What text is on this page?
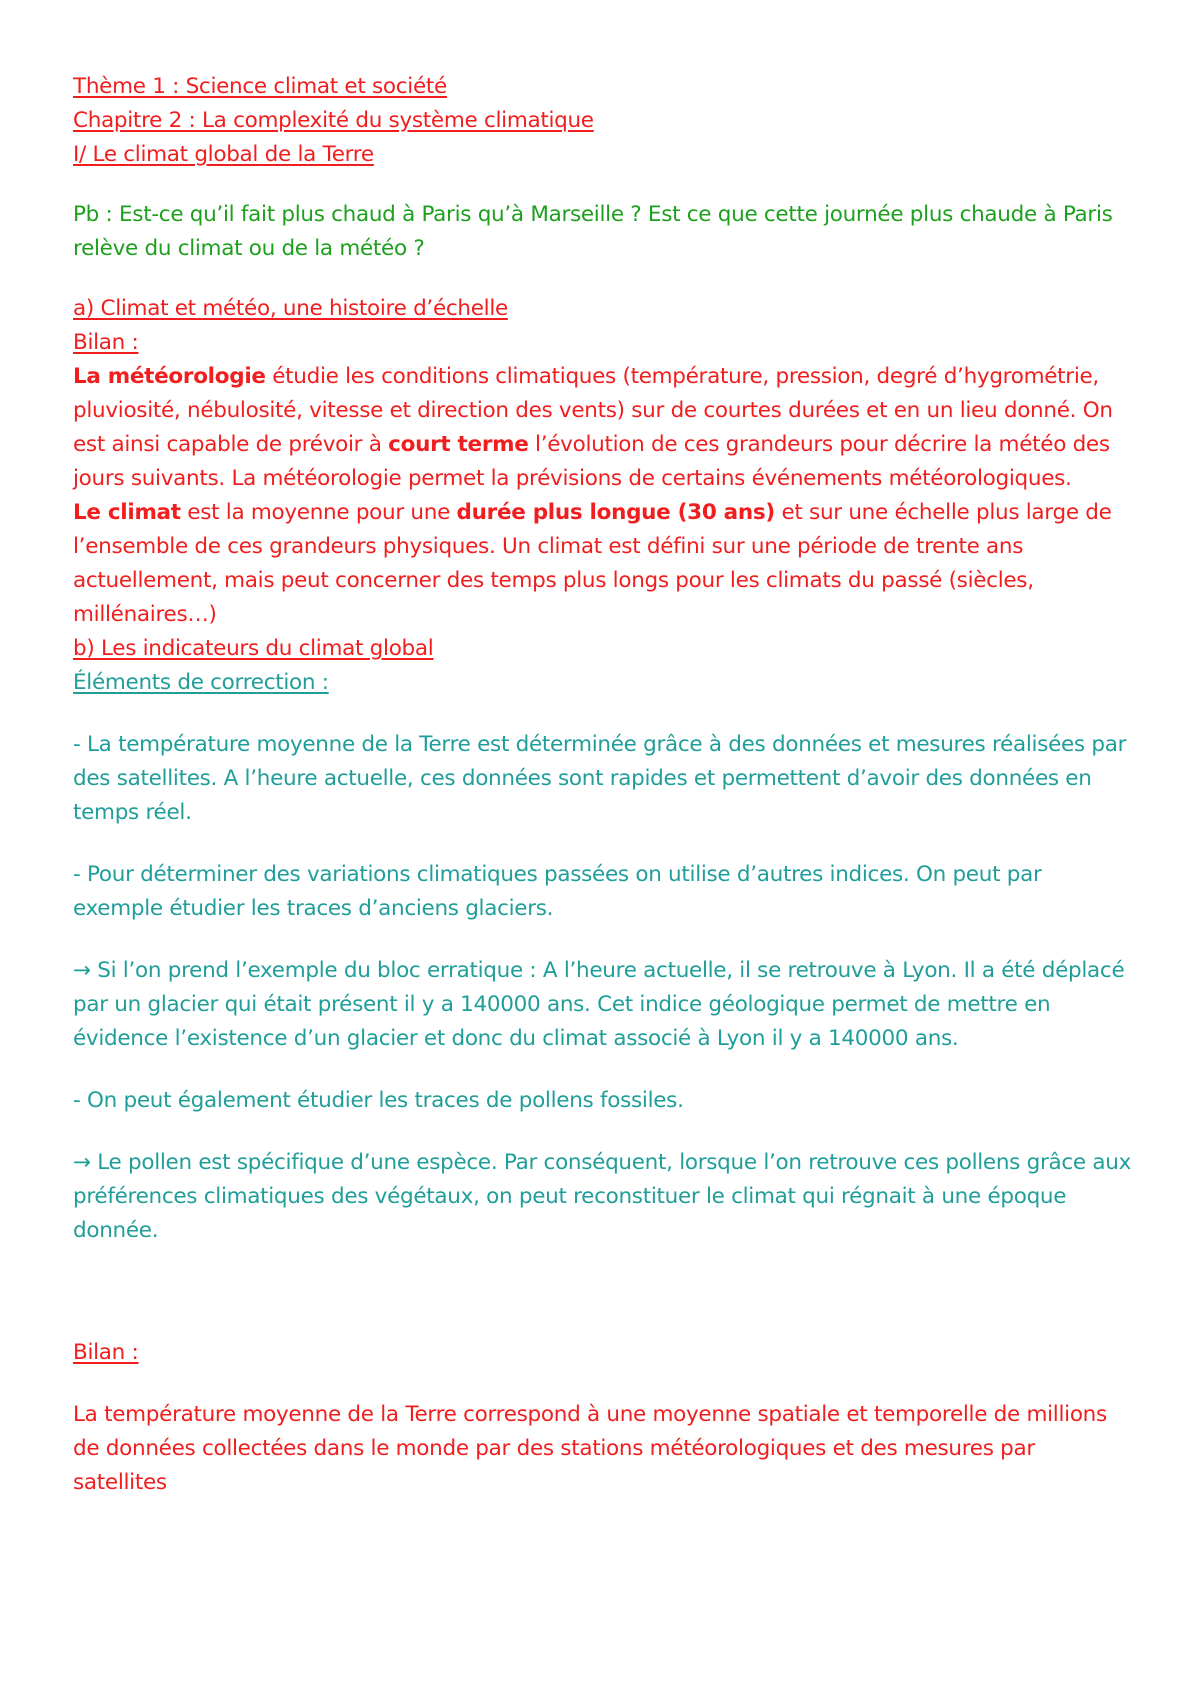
Thème 1 : Science climat et société

Chapitre 2 : La complexité du système climatique

I/ Le climat global de la Terre

Pb : Est-ce qu’il fait plus chaud à Paris qu’à Marseille ? Est ce que cette journée plus chaude à Paris relève du climat ou de la météo ?

a) Climat et météo, une histoire d’échelle

Bilan :

La météorologie étudie les conditions climatiques (température, pression, degré d’hygrométrie, pluviosité, nébulosité, vitesse et direction des vents) sur de courtes durées et en un lieu donné. On est ainsi capable de prévoir à court terme l’évolution de ces grandeurs pour décrire la météo des jours suivants. La météorologie permet la prévisions de certains événements météorologiques.

Le climat est la moyenne pour une durée plus longue (30 ans) et sur une échelle plus large de l’ensemble de ces grandeurs physiques. Un climat est défini sur une période de trente ans actuellement, mais peut concerner des temps plus longs pour les climats du passé (siècles, millénaires…)

b) Les indicateurs du climat global

Éléments de correction :

- La température moyenne de la Terre est déterminée grâce à des données et mesures réalisées par des satellites. A l’heure actuelle, ces données sont rapides et permettent d’avoir des données en temps réel.

- Pour déterminer des variations climatiques passées on utilise d’autres indices. On peut par exemple étudier les traces d’anciens glaciers.

→ Si l’on prend l’exemple du bloc erratique : A l’heure actuelle, il se retrouve à Lyon. Il a été déplacé par un glacier qui était présent il y a 140000 ans. Cet indice géologique permet de mettre en évidence l’existence d’un glacier et donc du climat associé à Lyon il y a 140000 ans.

- On peut également étudier les traces de pollens fossiles.

→ Le pollen est spécifique d’une espèce. Par conséquent, lorsque l’on retrouve ces pollens grâce aux préférences climatiques des végétaux, on peut reconstituer le climat qui régnait à une époque donnée.

Bilan :

La température moyenne de la Terre correspond à une moyenne spatiale et temporelle de millions de données collectées dans le monde par des stations météorologiques et des mesures par satellites
